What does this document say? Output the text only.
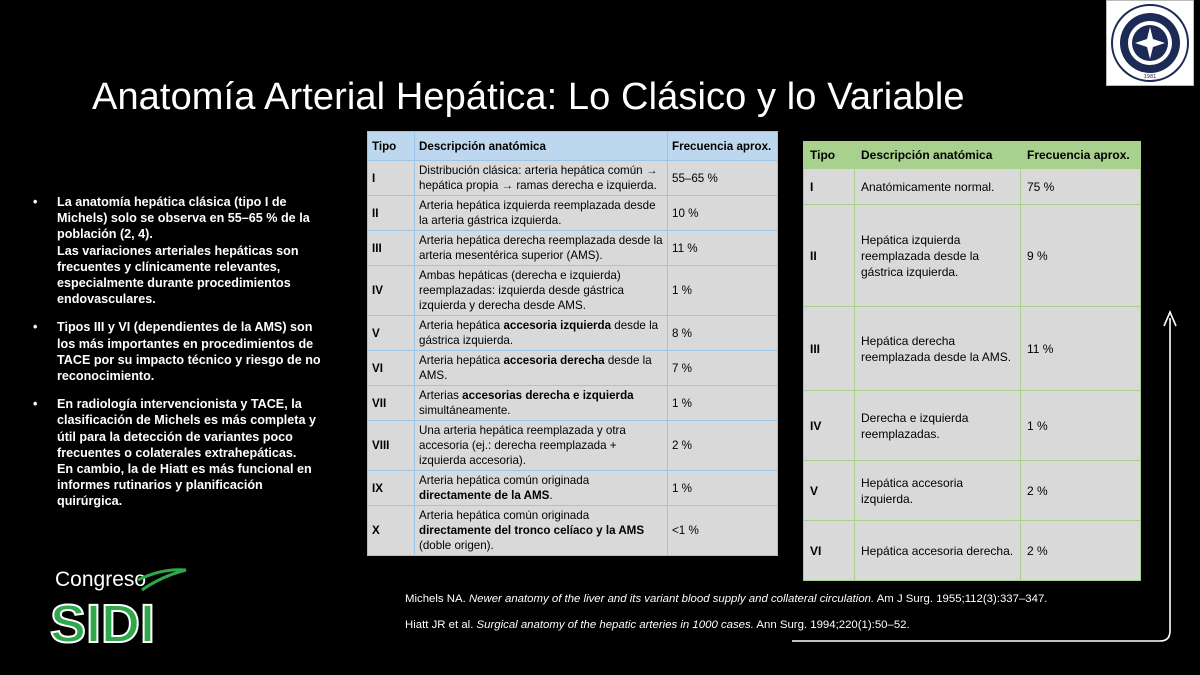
Anatomía Arterial Hepática: Lo Clásico y lo Variable	1981
• La anatomía hepática clásica (tipo I de Michels) solo se observa en 55–65 % de la población (2, 4).
Las variaciones arteriales hepáticas son frecuentes y clínicamente relevantes, especialmente durante procedimientos endovasculares.
• Tipos III y VI (dependientes de la AMS) son los más importantes en procedimientos de TACE por su impacto técnico y riesgo de no reconocimiento.
• En radiología intervencionista y TACE, la clasificación de Michels es más completa y útil para la detección de variantes poco frecuentes o colaterales extrahepáticas.
En cambio, la de Hiatt es más funcional en informes rutinarios y planificación quirúrgica.
Tipo	Descripción anatómica	Frecuencia aprox.
I	Distribución clásica: arteria hepática común → hepática propia → ramas derecha e izquierda.	55–65 %
II	Arteria hepática izquierda reemplazada desde la arteria gástrica izquierda.	10 %
III	Arteria hepática derecha reemplazada desde la arteria mesentérica superior (AMS).	11 %
IV	Ambas hepáticas (derecha e izquierda) reemplazadas: izquierda desde gástrica izquierda y derecha desde AMS.	1 %
V	Arteria hepática accesoria izquierda desde la gástrica izquierda.	8 %
VI	Arteria hepática accesoria derecha desde la AMS.	7 %
VII	Arterias accesorias derecha e izquierda simultáneamente.	1 %
VIII	Una arteria hepática reemplazada y otra accesoria (ej.: derecha reemplazada + izquierda accesoria).	2 %
IX	Arteria hepática común originada directamente de la AMS.	1 %
X	Arteria hepática común originada directamente del tronco celíaco y la AMS (doble origen).	<1 %
Tipo	Descripción anatómica	Frecuencia aprox.
I	Anatómicamente normal.	75 %
II	Hepática izquierda reemplazada desde la gástrica izquierda.	9 %
III	Hepática derecha reemplazada desde la AMS.	11 %
IV	Derecha e izquierda reemplazadas.	1 %
V	Hepática accesoria izquierda.	2 %
VI	Hepática accesoria derecha.	2 %

Michels NA. Newer anatomy of the liver and its variant blood supply and collateral circulation. Am J Surg. 1955;112(3):337–347.

Hiatt JR et al. Surgical anatomy of the hepatic arteries in 1000 cases. Ann Surg. 1994;220(1):50–52.

Congreso
SIDI
